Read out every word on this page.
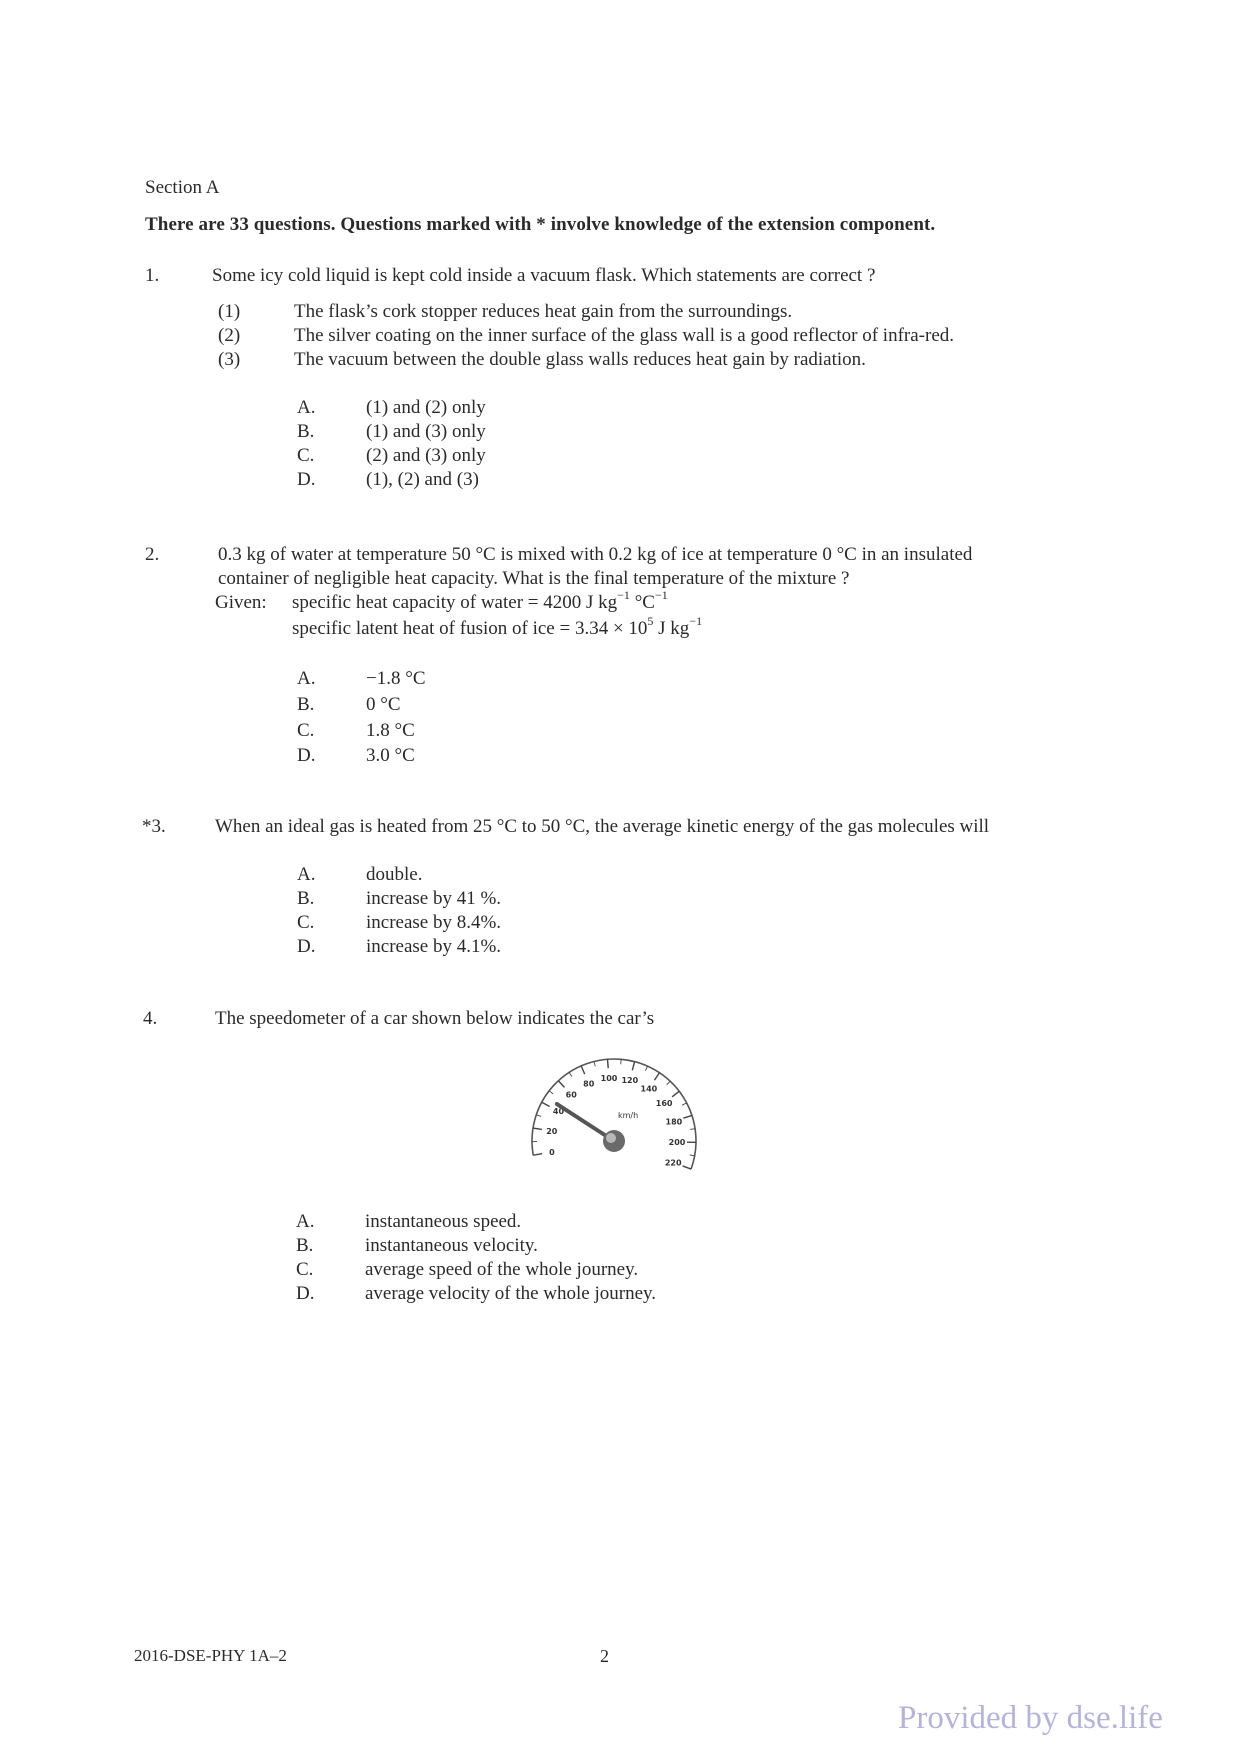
Section A
There are 33 questions. Questions marked with * involve knowledge of the extension component.
1.	Some icy cold liquid is kept cold inside a vacuum flask. Which statements are correct ?
(1)	The flask’s cork stopper reduces heat gain from the surroundings.
(2)	The silver coating on the inner surface of the glass wall is a good reflector of infra-red.
(3)	The vacuum between the double glass walls reduces heat gain by radiation.
A.	(1) and (2) only
B.	(1) and (3) only
C.	(2) and (3) only
D.	(1), (2) and (3)
2.	0.3 kg of water at temperature 50 °C is mixed with 0.2 kg of ice at temperature 0 °C in an insulated
container of negligible heat capacity. What is the final temperature of the mixture ?
Given: specific heat capacity of water = 4200 J $kg^{-1}$ $^\circ C^{-1}$
specific latent heat of fusion of ice = $3.34 \times 10^5$ J $kg^{-1}$
A.	−1.8 °C
B.	0 °C
C.	1.8 °C
D.	3.0 °C
*3.	When an ideal gas is heated from 25 °C to 50 °C, the average kinetic energy of the gas molecules will
A.	double.
B.	increase by 41 %.
C.	increase by 8.4%.
D.	increase by 4.1%.
4.	The speedometer of a car shown below indicates the car’s
0
20
40
60
80
100 120
140
160
180
200
220
km/h
A.	instantaneous speed.
B.	instantaneous velocity.
C.	average speed of the whole journey.
D.	average velocity of the whole journey.
2016-DSE-PHY 1A–2	2
Provided by dse.life
